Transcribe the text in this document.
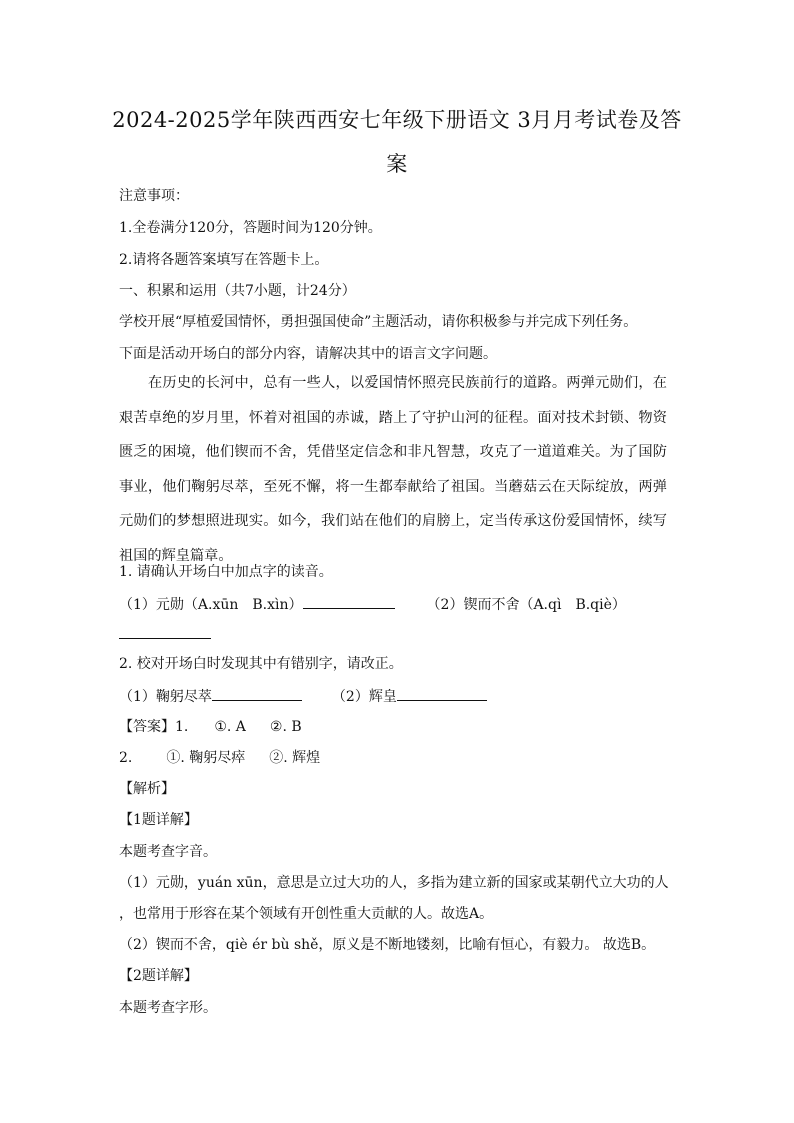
2024-2025学年陕西西安七年级下册语文 3月月考试卷及答
案
注意事项：
1.全卷满分120分，答题时间为120分钟。
2.请将各题答案填写在答题卡上。
一、积累和运用（共7小题，计24分）
学校开展“厚植爱国情怀，勇担强国使命”主题活动，请你积极参与并完成下列任务。
下面是活动开场白的部分内容，请解决其中的语言文字问题。
在历史的长河中，总有一些人，以爱国情怀照亮民族前行的道路。两弹元勋们，在艰苦卓绝的岁月里，怀着对祖国的赤诚，踏上了守护山河的征程。面对技术封锁、物资匮乏的困境，他们锲而不舍，凭借坚定信念和非凡智慧，攻克了一道道难关。为了国防事业，他们鞠躬尽萃，至死不懈，将一生都奉献给了祖国。当蘑菇云在天际绽放，两弹元勋们的梦想照进现实。如今，我们站在他们的肩膀上，定当传承这份爱国情怀，续写祖国的辉皇篇章。
1. 请确认开场白中加点字的读音。
（1）元勋（A.xūn　B.xìn）	（2）锲而不舍（A.qì　B.qiè）
2. 校对开场白时发现其中有错别字，请改正。
（1）鞠躬尽萃	（2）辉皇
【答案】1. ①. A ②. B
2. ①. 鞠躬尽瘁 ②. 辉煌
【解析】
【1题详解】
本题考查字音。
（1）元勋，yuán xūn，意思是立过大功的人，多指为建立新的国家或某朝代立大功的人
，也常用于形容在某个领域有开创性重大贡献的人。故选A。
（2）锲而不舍，qiè ér bù shě，原义是不断地镂刻，比喻有恒心，有毅力。 故选B。
【2题详解】
本题考查字形。
